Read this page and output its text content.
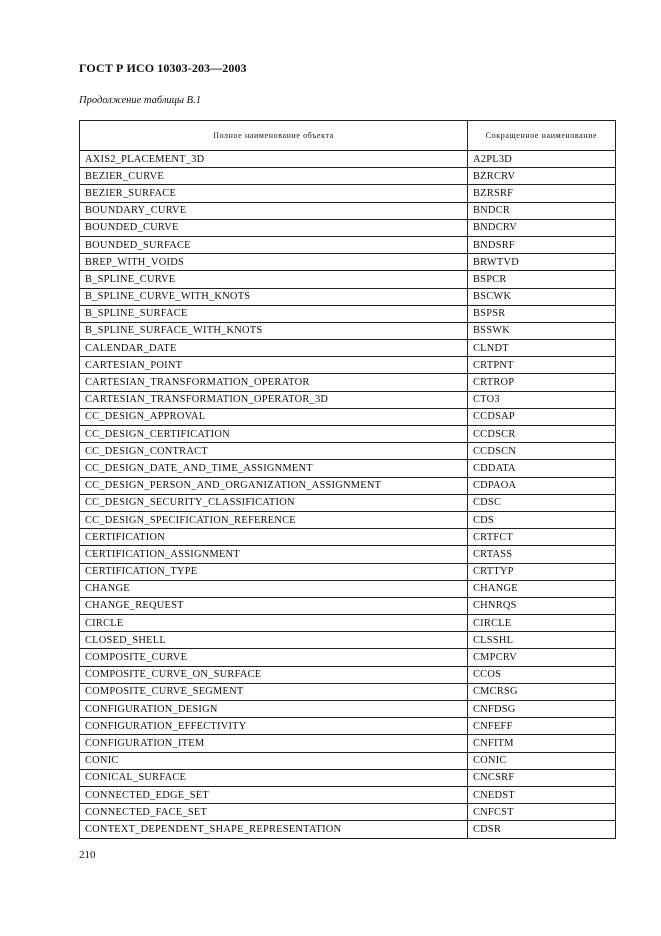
ГОСТ Р ИСО 10303-203—2003
Продолжение таблицы В.1
Полное наименование объекта	Сокращенное наименование
AXIS2_PLACEMENT_3D	A2PL3D
BEZIER_CURVE	BZRCRV
BEZIER_SURFACE	BZRSRF
BOUNDARY_CURVE	BNDCR
BOUNDED_CURVE	BNDCRV
BOUNDED_SURFACE	BNDSRF
BREP_WITH_VOIDS	BRWTVD
B_SPLINE_CURVE	BSPCR
B_SPLINE_CURVE_WITH_KNOTS	BSCWK
B_SPLINE_SURFACE	BSPSR
B_SPLINE_SURFACE_WITH_KNOTS	BSSWK
CALENDAR_DATE	CLNDT
CARTESIAN_POINT	CRTPNT
CARTESIAN_TRANSFORMATION_OPERATOR	CRTROP
CARTESIAN_TRANSFORMATION_OPERATOR_3D	CTO3
CC_DESIGN_APPROVAL	CCDSAP
CC_DESIGN_CERTIFICATION	CCDSCR
CC_DESIGN_CONTRACT	CCDSCN
CC_DESIGN_DATE_AND_TIME_ASSIGNMENT	CDDATA
CC_DESIGN_PERSON_AND_ORGANIZATION_ASSIGNMENT	CDPAOA
CC_DESIGN_SECURITY_CLASSIFICATION	CDSC
CC_DESIGN_SPECIFICATION_REFERENCE	CDS
CERTIFICATION	CRTFCT
CERTIFICATION_ASSIGNMENT	CRTASS
CERTIFICATION_TYPE	CRTTYP
CHANGE	CHANGE
CHANGE_REQUEST	CHNRQS
CIRCLE	CIRCLE
CLOSED_SHELL	CLSSHL
COMPOSITE_CURVE	CMPCRV
COMPOSITE_CURVE_ON_SURFACE	CCOS
COMPOSITE_CURVE_SEGMENT	CMCRSG
CONFIGURATION_DESIGN	CNFDSG
CONFIGURATION_EFFECTIVITY	CNFEFF
CONFIGURATION_ITEM	CNFITM
CONIC	CONIC
CONICAL_SURFACE	CNCSRF
CONNECTED_EDGE_SET	CNEDST
CONNECTED_FACE_SET	CNFCST
CONTEXT_DEPENDENT_SHAPE_REPRESENTATION	CDSR
210
